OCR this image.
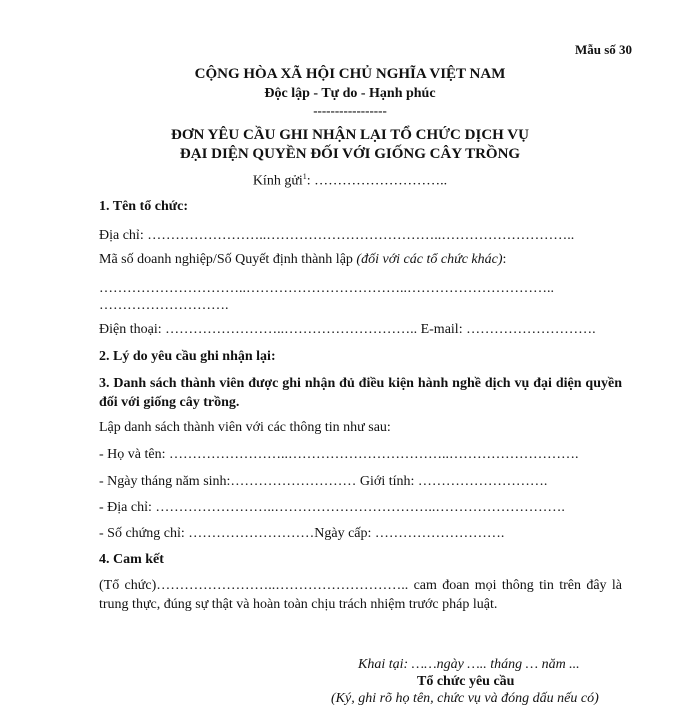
Mẫu số 30
CỘNG HÒA XÃ HỘI CHỦ NGHĨA VIỆT NAM
Độc lập - Tự do - Hạnh phúc
-----------------
ĐƠN YÊU CẦU GHI NHẬN LẠI TỔ CHỨC DỊCH VỤ
ĐẠI DIỆN QUYỀN ĐỐI VỚI GIỐNG CÂY TRỒNG
Kính gửi$^1$: ………………………..
1. Tên tổ chức:
Địa chỉ: ……………………..………………………………..………………………..
Mã số doanh nghiệp/Số Quyết định thành lập (đối với các tổ chức khác):
…………………………..……………………………..…………………………..
……………………….
Điện thoại: ……………………..……………………….. E-mail: ……………………….
2. Lý do yêu cầu ghi nhận lại:
3. Danh sách thành viên được ghi nhận đủ điều kiện hành nghề dịch vụ đại diện quyền
đối với giống cây trồng.
Lập danh sách thành viên với các thông tin như sau:
- Họ và tên: ……………………..……………………………..……………………….
- Ngày tháng năm sinh:……………………… Giới tính: ……………………….
- Địa chỉ: ……………………..……………………………..……………………….
- Số chứng chỉ: ………………………Ngày cấp: ……………………….
4. Cam kết
(Tổ chức)……………………..……………………….. cam đoan mọi thông tin trên đây là
trung thực, đúng sự thật và hoàn toàn chịu trách nhiệm trước pháp luật.
Khai tại: ……ngày ….. tháng … năm ...
Tổ chức yêu cầu
(Ký, ghi rõ họ tên, chức vụ và đóng dấu nếu có)
